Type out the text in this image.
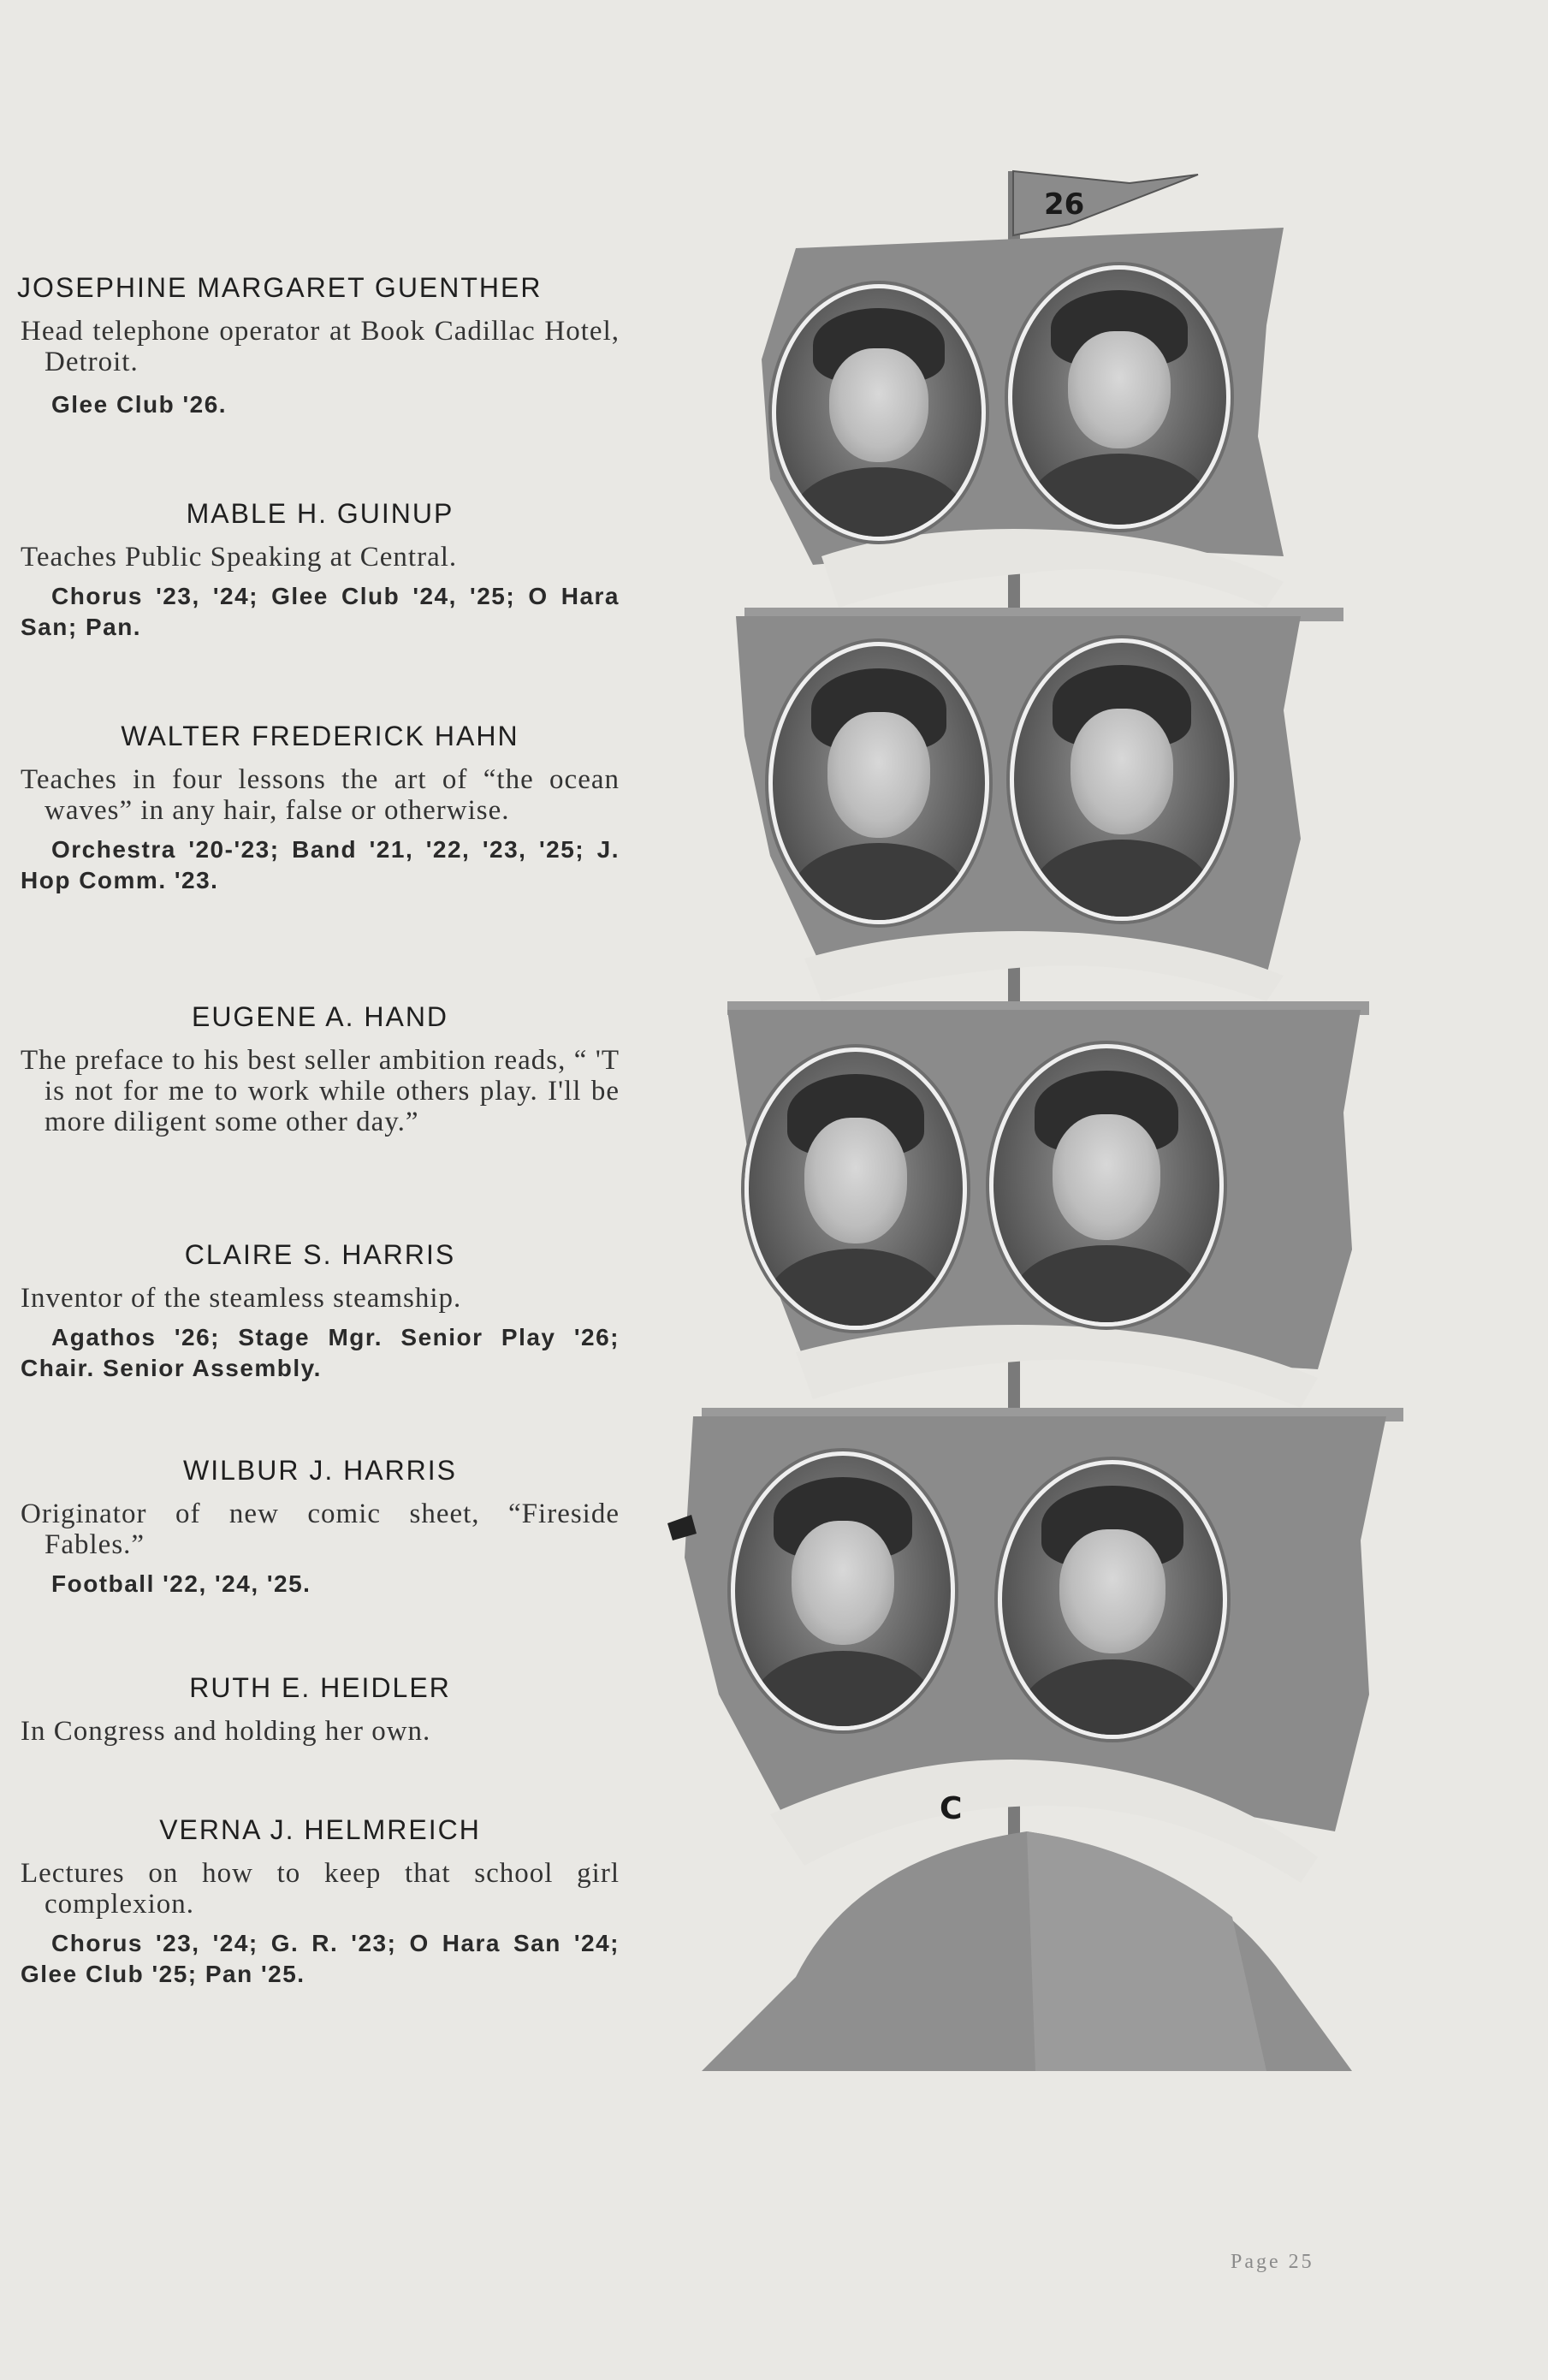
JOSEPHINE MARGARET GUENTHER

Head telephone operator at Book Cadillac Hotel, Detroit.

Glee Club '26.

MABLE H. GUINUP

Teaches Public Speaking at Central.

Chorus '23, '24; Glee Club '24, '25; O Hara San; Pan.

WALTER FREDERICK HAHN

Teaches in four lessons the art of “the ocean waves” in any hair, false or otherwise.

Orchestra '20-'23; Band '21, '22, '23, '25; J. Hop Comm. '23.

EUGENE A. HAND

The preface to his best seller ambition reads, “ 'T is not for me to work while others play. I'll be more diligent some other day.”

CLAIRE S. HARRIS

Inventor of the steamless steamship.

Agathos '26; Stage Mgr. Senior Play '26; Chair. Senior Assembly.

WILBUR J. HARRIS

Originator of new comic sheet, “Fireside Fables.”

Football '22, '24, '25.

RUTH E. HEIDLER

In Congress and holding her own.

VERNA J. HELMREICH

Lectures on how to keep that school girl complexion.

Chorus '23, '24; G. R. '23; O Hara San '24; Glee Club '25; Pan '25.

26
C
Page 25
